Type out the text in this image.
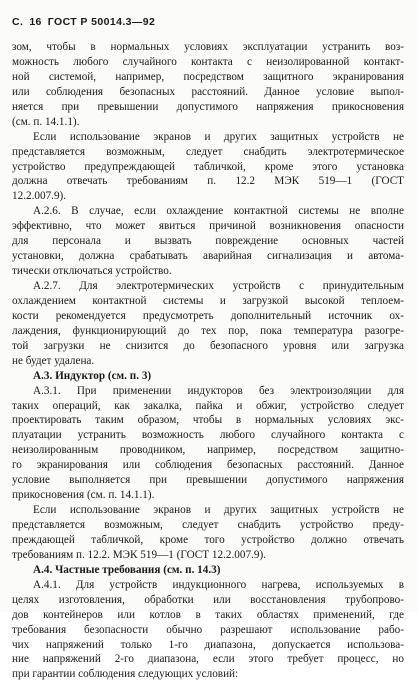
С. 16 ГОСТ Р 50014.3—92
зом, чтобы в нормальных условиях эксплуатации устранить воз-
можность любого случайного контакта с неизолированной контакт-
ной системой, например, посредством защитного экранирования
или соблюдения безопасных расстояний. Данное условие выпол-
няется при превышении допустимого напряжения прикосновения
(см. п. 14.1.1).
Если использование экранов и других защитных устройств не
представляется возможным, следует снабдить электротермическое
устройство предупреждающей табличкой, кроме этого установка
должна отвечать требованиям п. 12.2 МЭК 519—1 (ГОСТ
12.2.007.9).
А.2.6. В случае, если охлаждение контактной системы не вполне
эффективно, что может явиться причиной возникновения опасности
для персонала и вызвать повреждение основных частей
установки, должна срабатывать аварийная сигнализация и автома-
тически отключаться устройство.
А.2.7. Для электротермических устройств с принудительным
охлаждением контактной системы и загрузкой высокой теплоем-
кости рекомендуется предусмотреть дополнительный источник ох-
лаждения, функционирующий до тех пор, пока температура разогре-
той загрузки не снизится до безопасного уровня или загрузка
не будет удалена.
А.3. Индуктор (см. п. 3)
А.3.1. При применении индукторов без электроизоляции для
таких операций, как закалка, пайка и обжиг, устройство следует
проектировать таким образом, чтобы в нормальных условиях экс-
плуатации устранить возможность любого случайного контакта с
неизолированным проводником, например, посредством защитно-
го экранирования или соблюдения безопасных расстояний. Данное
условие выполняется при превышении допустимого напряжения
прикосновения (см. п. 14.1.1).
Если использование экранов и других защитных устройств не
представляется возможным, следует снабдить устройство преду-
преждающей табличкой, кроме того устройство должно отвечать
требованиям п. 12.2. МЭК 519—1 (ГОСТ 12.2.007.9).
А.4. Частные требования (см. п. 14.3)
А.4.1. Для устройств индукционного нагрева, используемых в
целях изготовления, обработки или восстановления трубопрово-
дов контейнеров или котлов в таких областях применений, где
требования безопасности обычно разрешают использование рабо-
чих напряжений только 1-го диапазона, допускается использова-
ние напряжений 2-го диапазона, если этого требует процесс, но
при гарантии соблюдения следующих условий:
